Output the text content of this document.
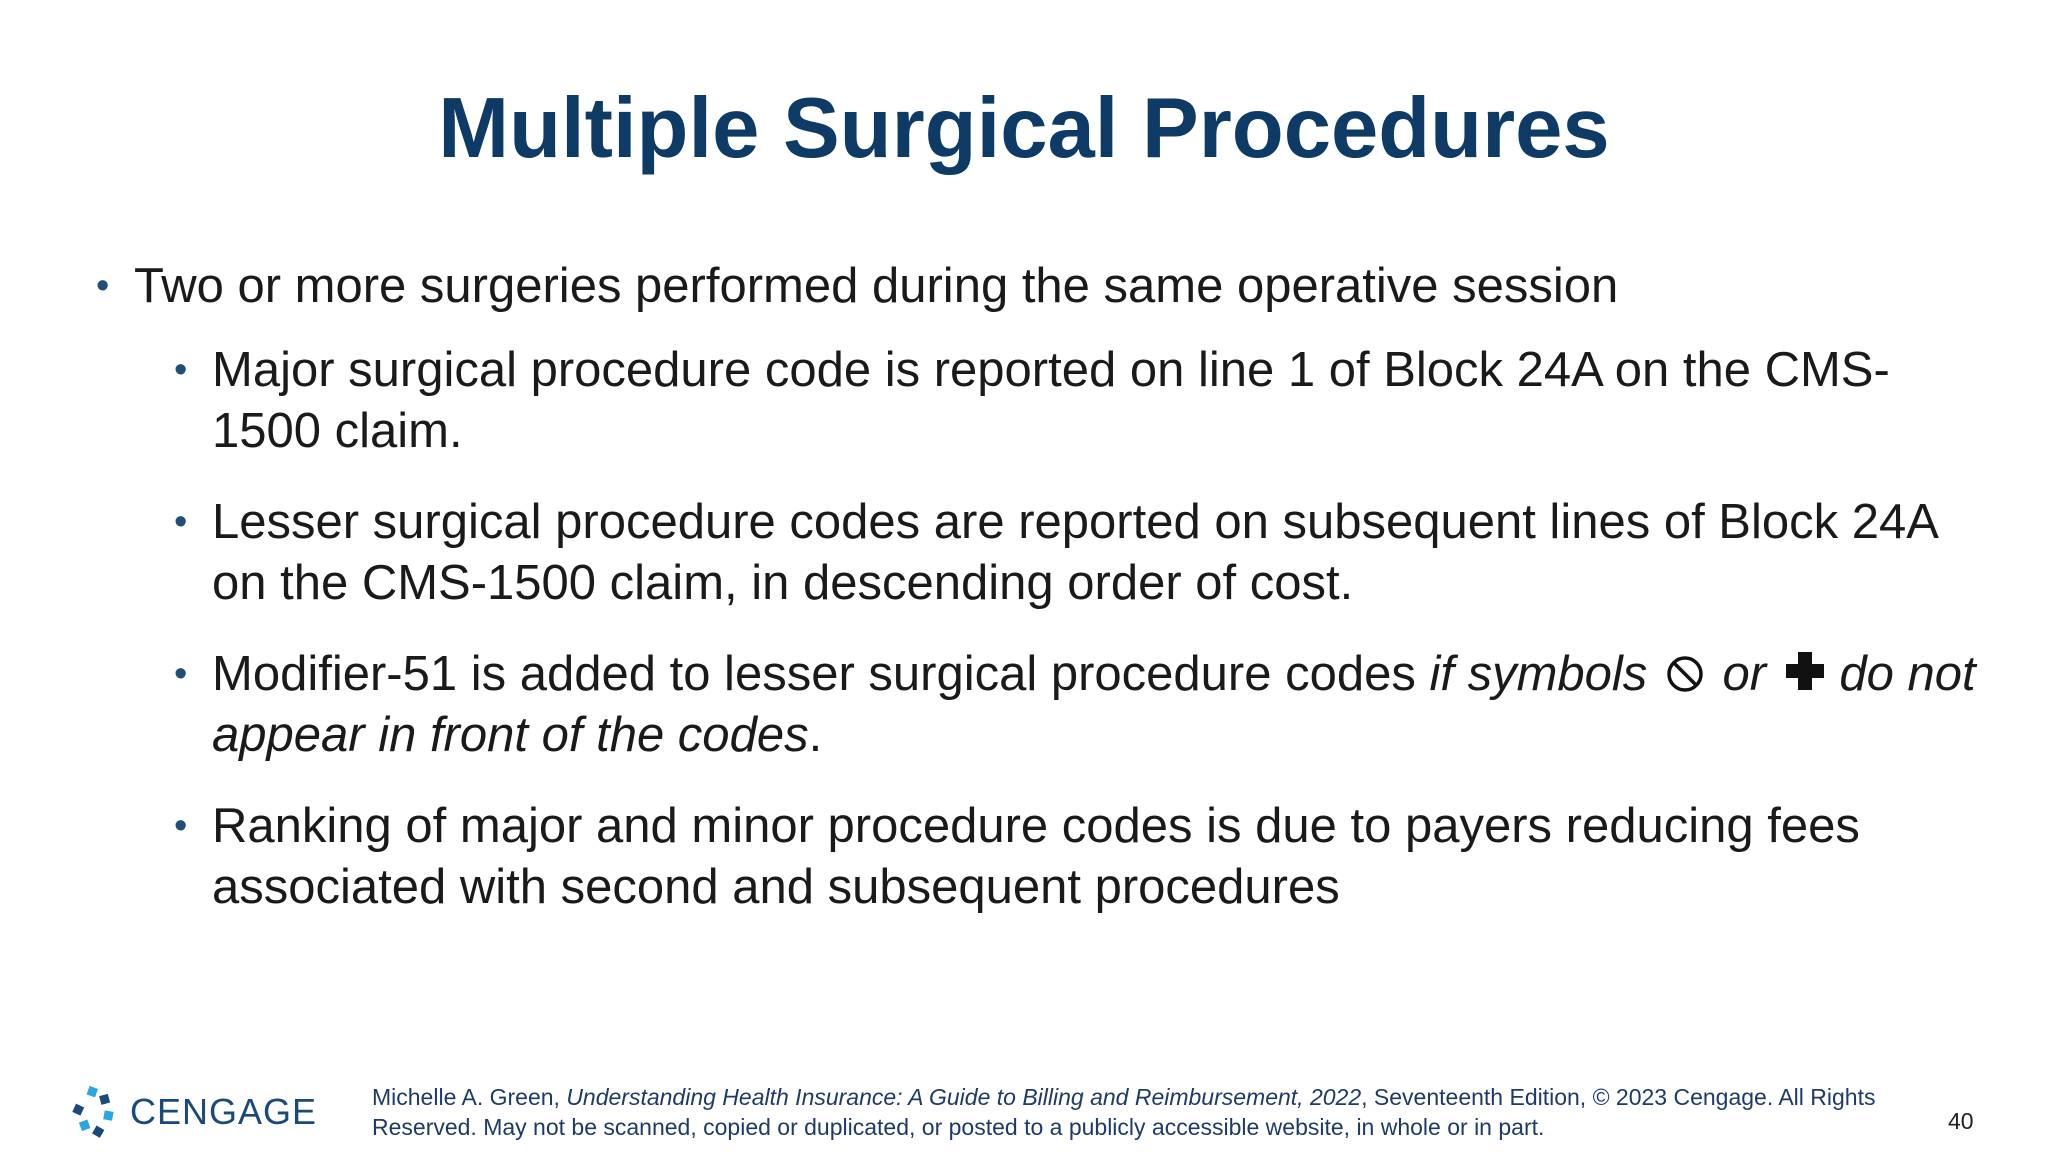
Multiple Surgical Procedures
• Two or more surgeries performed during the same operative session
• Major surgical procedure code is reported on line 1 of Block 24A on the CMS-1500 claim.
• Lesser surgical procedure codes are reported on subsequent lines of Block 24A on the CMS-1500 claim, in descending order of cost.
• Modifier-51 is added to lesser surgical procedure codes if symbols  or do not appear in front of the codes.
• Ranking of major and minor procedure codes is due to payers reducing fees associated with second and subsequent procedures
CENGAGE Michelle A. Green, Understanding Health Insurance: A Guide to Billing and Reimbursement, 2022, Seventeenth Edition, © 2023 Cengage. All Rights Reserved. May not be scanned, copied or duplicated, or posted to a publicly accessible website, in whole or in part.	40
